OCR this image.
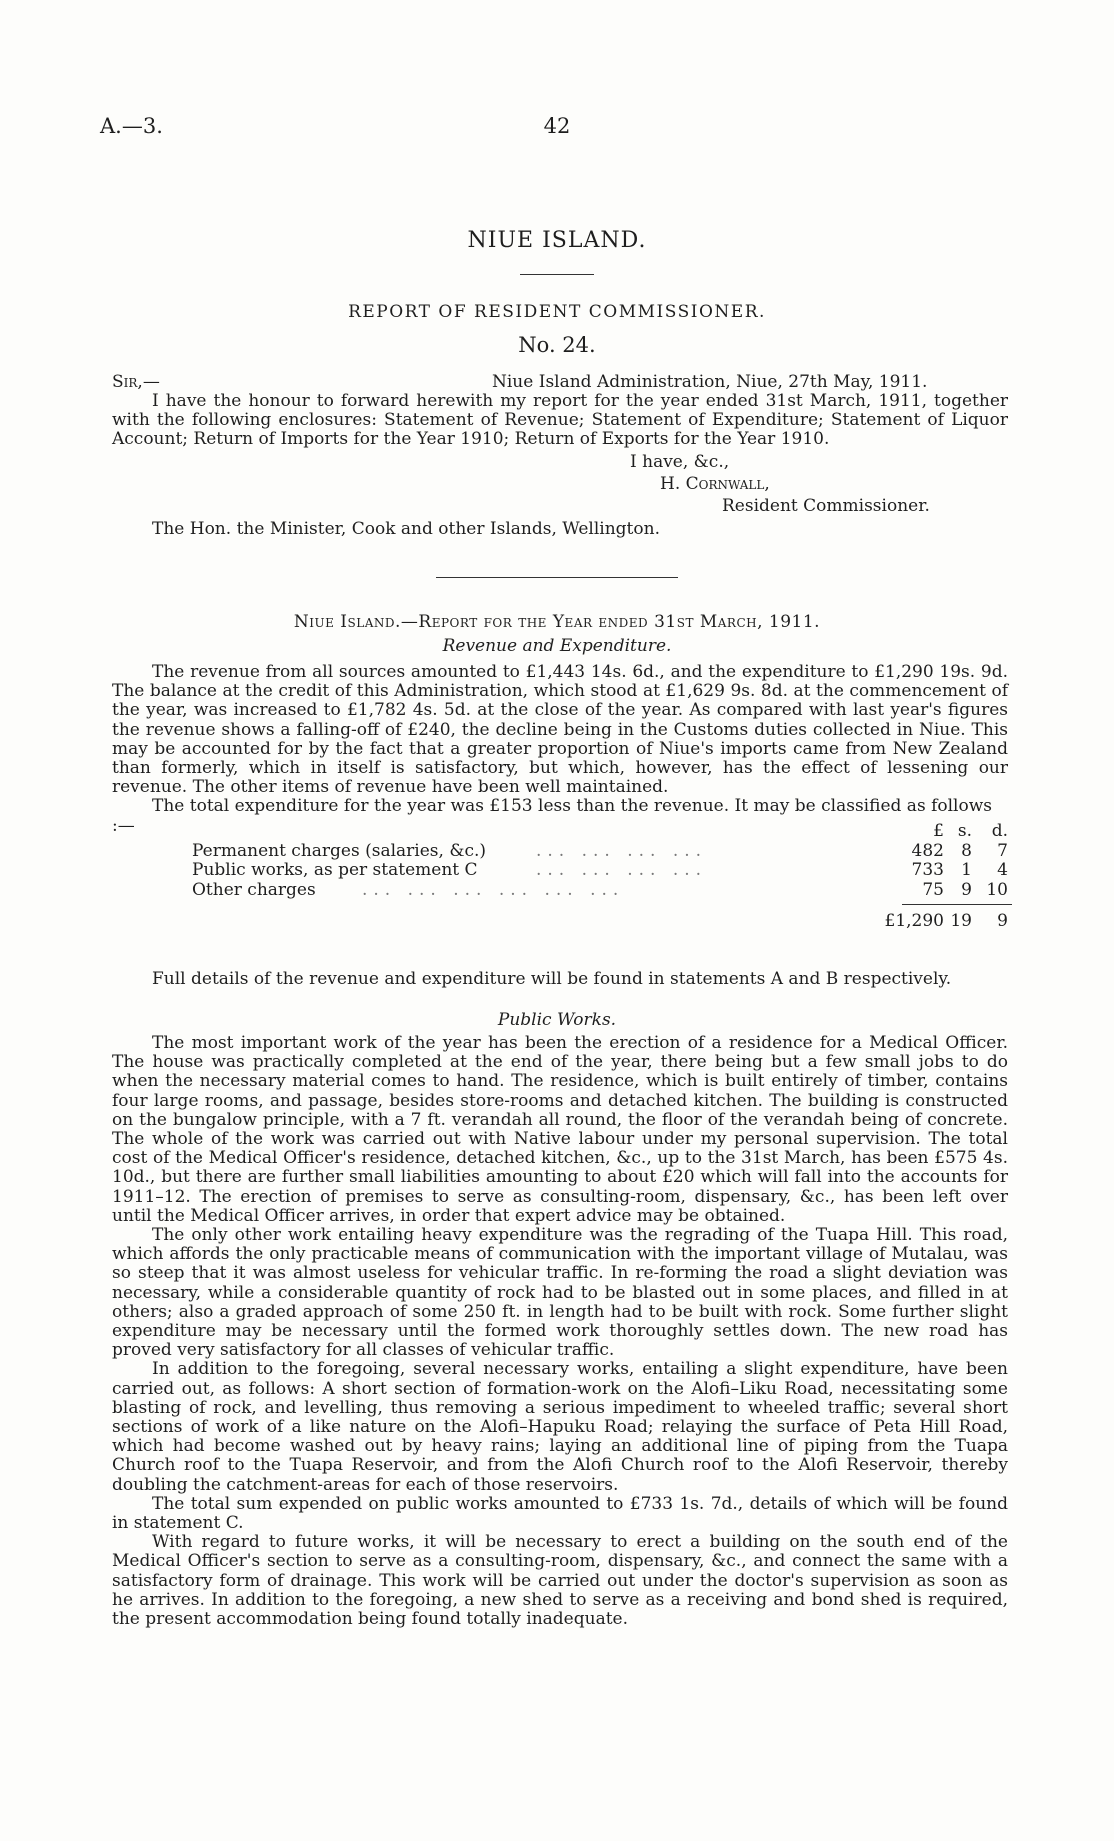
A.—3.	42
NIUE ISLAND.
REPORT OF RESIDENT COMMISSIONER.
No. 24.
Sir,—	Niue Island Administration, Niue, 27th May, 1911.

I have the honour to forward herewith my report for the year ended 31st March, 1911, together with the following enclosures: Statement of Revenue; Statement of Expenditure; Statement of Liquor Account; Return of Imports for the Year 1910; Return of Exports for the Year 1910.

I have, &c.,
H. Cornwall,
Resident Commissioner.
The Hon. the Minister, Cook and other Islands, Wellington.
Niue Island.—Report for the Year ended 31st March, 1911.
Revenue and Expenditure.

The revenue from all sources amounted to £1,443 14s. 6d., and the expenditure to £1,290 19s. 9d. The balance at the credit of this Administration, which stood at £1,629 9s. 8d. at the commencement of the year, was increased to £1,782 4s. 5d. at the close of the year. As compared with last year's figures the revenue shows a falling-off of £240, the decline being in the Customs duties collected in Niue. This may be accounted for by the fact that a greater proportion of Niue's imports came from New Zealand than formerly, which in itself is satisfactory, but which, however, has the effect of lessening our revenue. The other items of revenue have been well maintained.

The total expenditure for the year was £153 less than the revenue. It may be classified as follows :—	£ s. d.
Permanent charges (salaries, &c.)	... ... ... ...	482 8 7
Public works, as per statement C	... ... ... ...	733 1 4
Other charges	... ... ... ... ... ...	75 9 10
£1,290 19 9

Full details of the revenue and expenditure will be found in statements A and B respectively.

Public Works.

The most important work of the year has been the erection of a residence for a Medical Officer. The house was practically completed at the end of the year, there being but a few small jobs to do when the necessary material comes to hand. The residence, which is built entirely of timber, contains four large rooms, and passage, besides store-rooms and detached kitchen. The building is constructed on the bungalow principle, with a 7 ft. verandah all round, the floor of the verandah being of concrete. The whole of the work was carried out with Native labour under my personal supervision. The total cost of the Medical Officer's residence, detached kitchen, &c., up to the 31st March, has been £575 4s. 10d., but there are further small liabilities amounting to about £20 which will fall into the accounts for 1911–12. The erection of premises to serve as consulting-room, dispensary, &c., has been left over until the Medical Officer arrives, in order that expert advice may be obtained.

The only other work entailing heavy expenditure was the regrading of the Tuapa Hill. This road, which affords the only practicable means of communication with the important village of Mutalau, was so steep that it was almost useless for vehicular traffic. In re-forming the road a slight deviation was necessary, while a considerable quantity of rock had to be blasted out in some places, and filled in at others; also a graded approach of some 250 ft. in length had to be built with rock. Some further slight expenditure may be necessary until the formed work thoroughly settles down. The new road has proved very satisfactory for all classes of vehicular traffic.

In addition to the foregoing, several necessary works, entailing a slight expenditure, have been carried out, as follows: A short section of formation-work on the Alofi–Liku Road, necessitating some blasting of rock, and levelling, thus removing a serious impediment to wheeled traffic; several short sections of work of a like nature on the Alofi–Hapuku Road; relaying the surface of Peta Hill Road, which had become washed out by heavy rains; laying an additional line of piping from the Tuapa Church roof to the Tuapa Reservoir, and from the Alofi Church roof to the Alofi Reservoir, thereby doubling the catchment-areas for each of those reservoirs.

The total sum expended on public works amounted to £733 1s. 7d., details of which will be found in statement C.

With regard to future works, it will be necessary to erect a building on the south end of the Medical Officer's section to serve as a consulting-room, dispensary, &c., and connect the same with a satisfactory form of drainage. This work will be carried out under the doctor's supervision as soon as he arrives. In addition to the foregoing, a new shed to serve as a receiving and bond shed is required, the present accommodation being found totally inadequate.
